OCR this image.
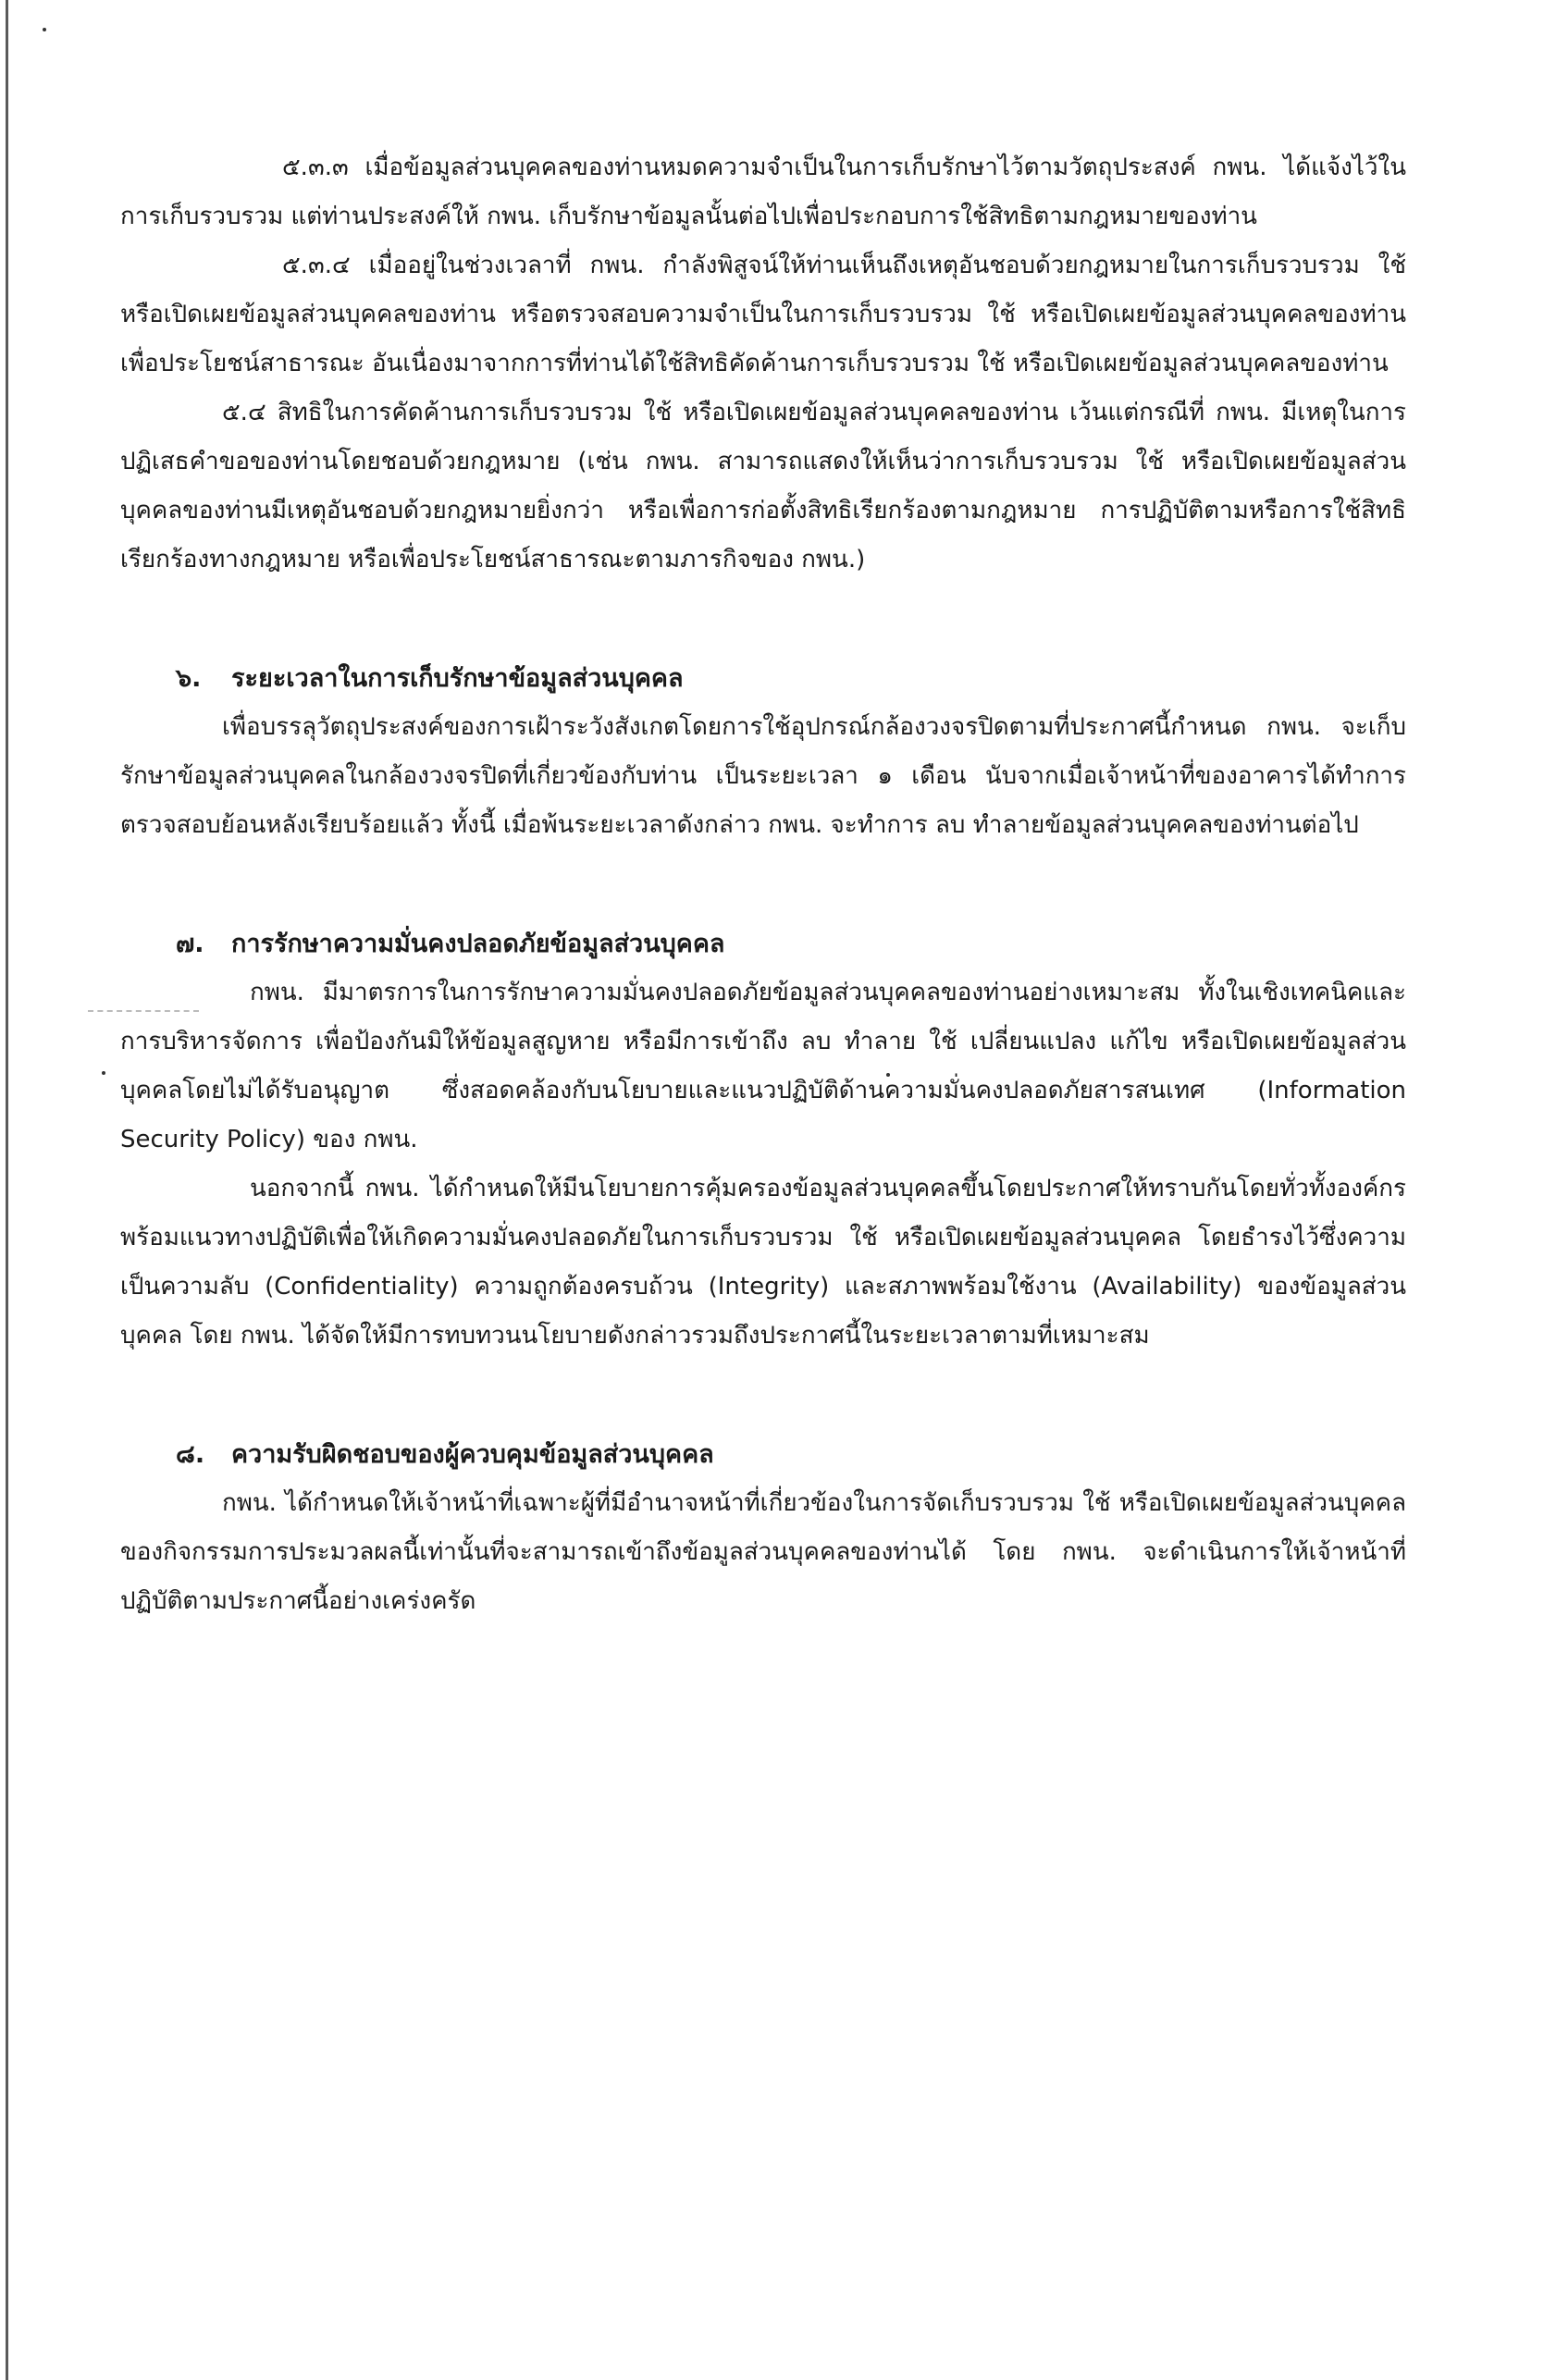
๕.๓.๓ เมื่อข้อมูลส่วนบุคคลของท่านหมดความจำเป็นในการเก็บรักษาไว้ตามวัตถุประสงค์ กพน. ได้แจ้งไว้ในการเก็บรวบรวม แต่ท่านประสงค์ให้ กพน. เก็บรักษาข้อมูลนั้นต่อไปเพื่อประกอบการใช้สิทธิตามกฎหมายของท่าน

๕.๓.๔ เมื่ออยู่ในช่วงเวลาที่ กพน. กำลังพิสูจน์ให้ท่านเห็นถึงเหตุอันชอบด้วยกฎหมายในการเก็บรวบรวม ใช้หรือเปิดเผยข้อมูลส่วนบุคคลของท่าน หรือตรวจสอบความจำเป็นในการเก็บรวบรวม ใช้ หรือเปิดเผยข้อมูลส่วนบุคคลของท่านเพื่อประโยชน์สาธารณะ อันเนื่องมาจากการที่ท่านได้ใช้สิทธิคัดค้านการเก็บรวบรวม ใช้ หรือเปิดเผยข้อมูลส่วนบุคคลของท่าน

๕.๔ สิทธิในการคัดค้านการเก็บรวบรวม ใช้ หรือเปิดเผยข้อมูลส่วนบุคคลของท่าน เว้นแต่กรณีที่ กพน. มีเหตุในการปฏิเสธคำขอของท่านโดยชอบด้วยกฎหมาย (เช่น กพน. สามารถแสดงให้เห็นว่าการเก็บรวบรวม ใช้ หรือเปิดเผยข้อมูลส่วนบุคคลของท่านมีเหตุอันชอบด้วยกฎหมายยิ่งกว่า หรือเพื่อการก่อตั้งสิทธิเรียกร้องตามกฎหมาย การปฏิบัติตามหรือการใช้สิทธิเรียกร้องทางกฎหมาย หรือเพื่อประโยชน์สาธารณะตามภารกิจของ กพน.)

๖. ระยะเวลาในการเก็บรักษาข้อมูลส่วนบุคคล

เพื่อบรรลุวัตถุประสงค์ของการเฝ้าระวังสังเกตโดยการใช้อุปกรณ์กล้องวงจรปิดตามที่ประกาศนี้กำหนด กพน. จะเก็บรักษาข้อมูลส่วนบุคคลในกล้องวงจรปิดที่เกี่ยวข้องกับท่าน เป็นระยะเวลา ๑ เดือน นับจากเมื่อเจ้าหน้าที่ของอาคารได้ทำการตรวจสอบย้อนหลังเรียบร้อยแล้ว ทั้งนี้ เมื่อพ้นระยะเวลาดังกล่าว กพน. จะทำการ ลบ ทำลายข้อมูลส่วนบุคคลของท่านต่อไป

๗. การรักษาความมั่นคงปลอดภัยข้อมูลส่วนบุคคล

กพน. มีมาตรการในการรักษาความมั่นคงปลอดภัยข้อมูลส่วนบุคคลของท่านอย่างเหมาะสม ทั้งในเชิงเทคนิคและการบริหารจัดการ เพื่อป้องกันมิให้ข้อมูลสูญหาย หรือมีการเข้าถึง ลบ ทำลาย ใช้ เปลี่ยนแปลง แก้ไข หรือเปิดเผยข้อมูลส่วนบุคคลโดยไม่ได้รับอนุญาต ซึ่งสอดคล้องกับนโยบายและแนวปฏิบัติด้านความมั่นคงปลอดภัยสารสนเทศ (Information Security Policy) ของ กพน.

นอกจากนี้ กพน. ได้กำหนดให้มีนโยบายการคุ้มครองข้อมูลส่วนบุคคลขึ้นโดยประกาศให้ทราบกันโดยทั่วทั้งองค์กร พร้อมแนวทางปฏิบัติเพื่อให้เกิดความมั่นคงปลอดภัยในการเก็บรวบรวม ใช้ หรือเปิดเผยข้อมูลส่วนบุคคล โดยธำรงไว้ซึ่งความเป็นความลับ (Confidentiality) ความถูกต้องครบถ้วน (Integrity) และสภาพพร้อมใช้งาน (Availability) ของข้อมูลส่วนบุคคล โดย กพน. ได้จัดให้มีการทบทวนนโยบายดังกล่าวรวมถึงประกาศนี้ในระยะเวลาตามที่เหมาะสม

๘. ความรับผิดชอบของผู้ควบคุมข้อมูลส่วนบุคคล

กพน. ได้กำหนดให้เจ้าหน้าที่เฉพาะผู้ที่มีอำนาจหน้าที่เกี่ยวข้องในการจัดเก็บรวบรวม ใช้ หรือเปิดเผยข้อมูลส่วนบุคคลของกิจกรรมการประมวลผลนี้เท่านั้นที่จะสามารถเข้าถึงข้อมูลส่วนบุคคลของท่านได้ โดย กพน. จะดำเนินการให้เจ้าหน้าที่ปฏิบัติตามประกาศนี้อย่างเคร่งครัด
